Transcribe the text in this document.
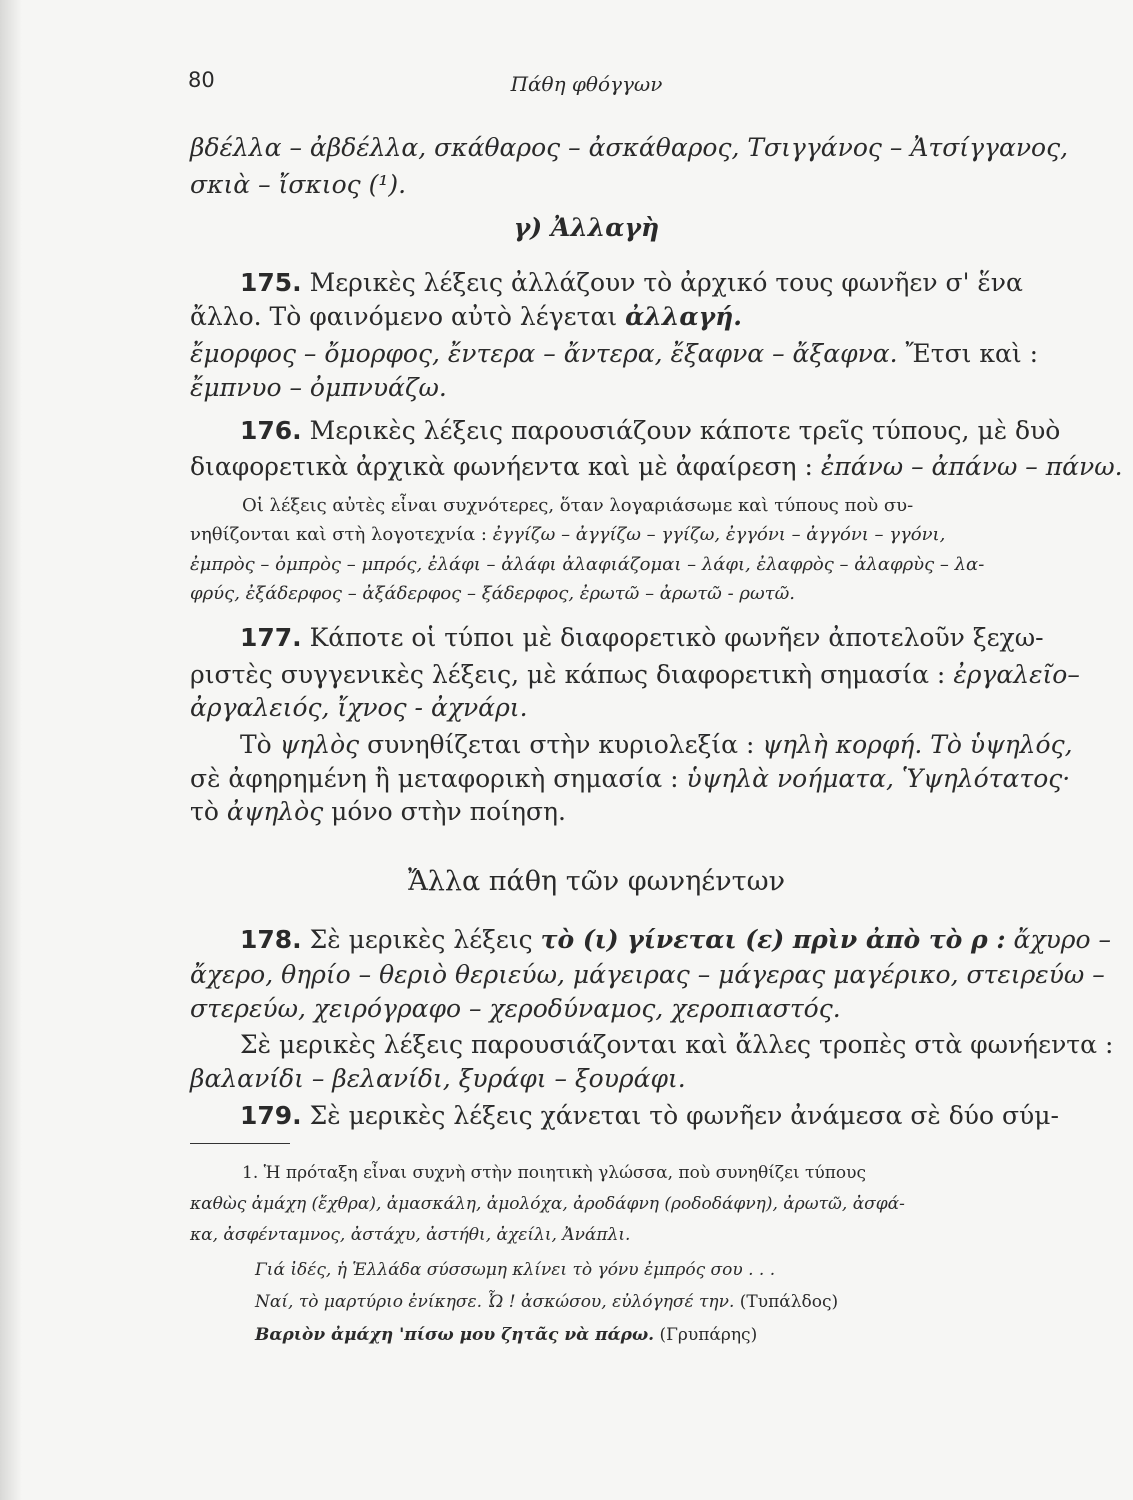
80	Πάθη φθόγγων
βδέλλα – ἀβδέλλα, σκάθαρος – ἀσκάθαρος, Τσιγγάνος – Ἀτσίγγανος,
σκιὰ – ἴσκιος (¹).
γ) Ἀλλαγὴ
175. Μερικὲς λέξεις ἀλλάζουν τὸ ἀρχικό τους φωνῆεν σ' ἕνα
ἄλλο. Τὸ φαινόμενο αὐτὸ λέγεται ἀλλαγή.
ἔμορφος – ὄμορφος, ἔντερα – ἄντερα, ἔξαφνα – ἄξαφνα. Ἔτσι καὶ :
ἔμπνυο – ὀμπνυάζω.
176. Μερικὲς λέξεις παρουσιάζουν κάποτε τρεῖς τύπους, μὲ δυὸ
διαφορετικὰ ἀρχικὰ φωνήεντα καὶ μὲ ἀφαίρεση : ἐπάνω – ἀπάνω – πάνω.
Οἱ λέξεις αὐτὲς εἶναι συχνότερες, ὅταν λογαριάσωμε καὶ τύπους ποὺ συ-
νηθίζονται καὶ στὴ λογοτεχνία : ἐγγίζω – ἀγγίζω – γγίζω, ἐγγόνι – ἀγγόνι – γγόνι,
ἐμπρὸς – ὀμπρὸς – μπρός, ἐλάφι – ἀλάφι ἀλαφιάζομαι – λάφι, ἐλαφρὸς – ἀλαφρὺς – λα-
φρύς, ἐξάδερφος – ἀξάδερφος – ξάδερφος, ἐρωτῶ – ἀρωτῶ - ρωτῶ.
177. Κάποτε οἱ τύποι μὲ διαφορετικὸ φωνῆεν ἀποτελοῦν ξεχω-
ριστὲς συγγενικὲς λέξεις, μὲ κάπως διαφορετικὴ σημασία : ἐργαλεῖο–
ἀργαλειός, ἴχνος - ἀχνάρι.
Τὸ ψηλὸς συνηθίζεται στὴν κυριολεξία : ψηλὴ κορφή. Τὸ ὑψηλός,
σὲ ἀφηρημένη ἢ μεταφορικὴ σημασία : ὑψηλὰ νοήματα, Ὑψηλότατος·
τὸ ἀψηλὸς μόνο στὴν ποίηση.
Ἄλλα πάθη τῶν φωνηέντων
178. Σὲ μερικὲς λέξεις τὸ (ι) γίνεται (ε) πρὶν ἀπὸ τὸ ρ : ἄχυρο –
ἄχερο, θηρίο – θεριὸ θεριεύω, μάγειρας – μάγερας μαγέρικο, στειρεύω –
στερεύω, χειρόγραφο – χεροδύναμος, χεροπιαστός.
Σὲ μερικὲς λέξεις παρουσιάζονται καὶ ἄλλες τροπὲς στὰ φωνήεντα :
βαλανίδι – βελανίδι, ξυράφι – ξουράφι.
179. Σὲ μερικὲς λέξεις χάνεται τὸ φωνῆεν ἀνάμεσα σὲ δύο σύμ-
1. Ἡ πρόταξη εἶναι συχνὴ στὴν ποιητικὴ γλώσσα, ποὺ συνηθίζει τύπους
καθὼς ἀμάχη (ἔχθρα), ἀμασκάλη, ἀμολόχα, ἀροδάφνη (ροδοδάφνη), ἀρωτῶ, ἀσφά-
κα, ἀσφένταμνος, ἀστάχυ, ἀστήθι, ἀχείλι, Ἀνάπλι.
Γιά ἰδές, ἡ Ἑλλάδα σύσσωμη κλίνει τὸ γόνυ ἐμπρός σου . . .
Ναί, τὸ μαρτύριο ἐνίκησε. Ὦ ! ἀσκώσου, εὐλόγησέ την. (Τυπάλδος)
Βαριὸν ἀμάχη 'πίσω μου ζητᾶς νὰ πάρω. (Γρυπάρης)
